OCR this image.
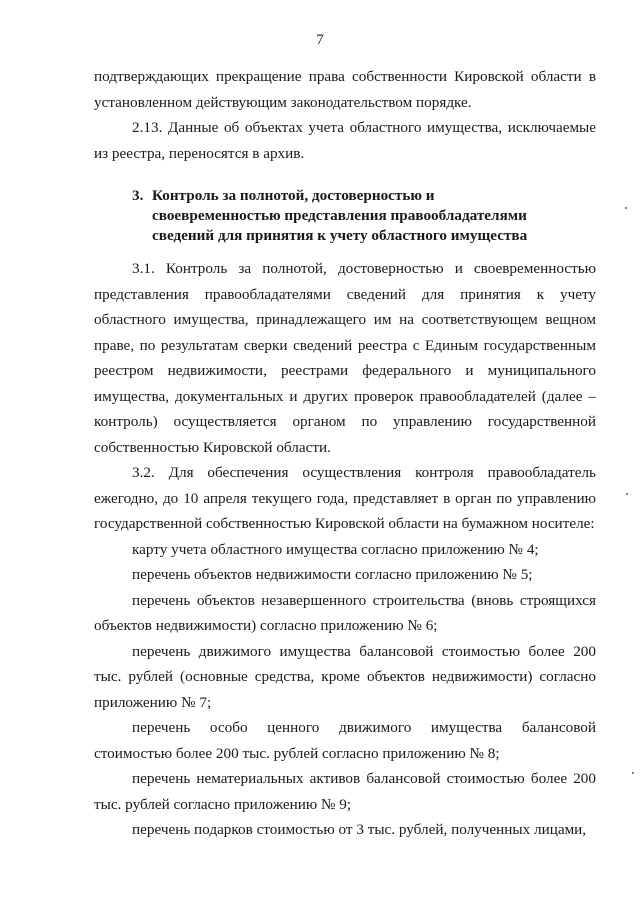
7

подтверждающих прекращение права собственности Кировской области в установленном действующим законодательством порядке.

2.13. Данные об объектах учета областного имущества, исключаемые из реестра, переносятся в архив.

3. Контроль за полнотой, достоверностью и своевременностью представления правообладателями сведений для принятия к учету областного имущества

3.1. Контроль за полнотой, достоверностью и своевременностью представления правообладателями сведений для принятия к учету областного имущества, принадлежащего им на соответствующем вещном праве, по результатам сверки сведений реестра с Единым государственным реестром недвижимости, реестрами федерального и муниципального имущества, документальных и других проверок правообладателей (далее – контроль) осуществляется органом по управлению государственной собственностью Кировской области.

3.2. Для обеспечения осуществления контроля правообладатель ежегодно, до 10 апреля текущего года, представляет в орган по управлению государственной собственностью Кировской области на бумажном носителе:

карту учета областного имущества согласно приложению № 4;

перечень объектов недвижимости согласно приложению № 5;

перечень объектов незавершенного строительства (вновь строящихся объектов недвижимости) согласно приложению № 6;

перечень движимого имущества балансовой стоимостью более 200 тыс. рублей (основные средства, кроме объектов недвижимости) согласно приложению № 7;

перечень особо ценного движимого имущества балансовой стоимостью более 200 тыс. рублей согласно приложению № 8;

перечень нематериальных активов балансовой стоимостью более 200 тыс. рублей согласно приложению № 9;

перечень подарков стоимостью от 3 тыс. рублей, полученных лицами,
